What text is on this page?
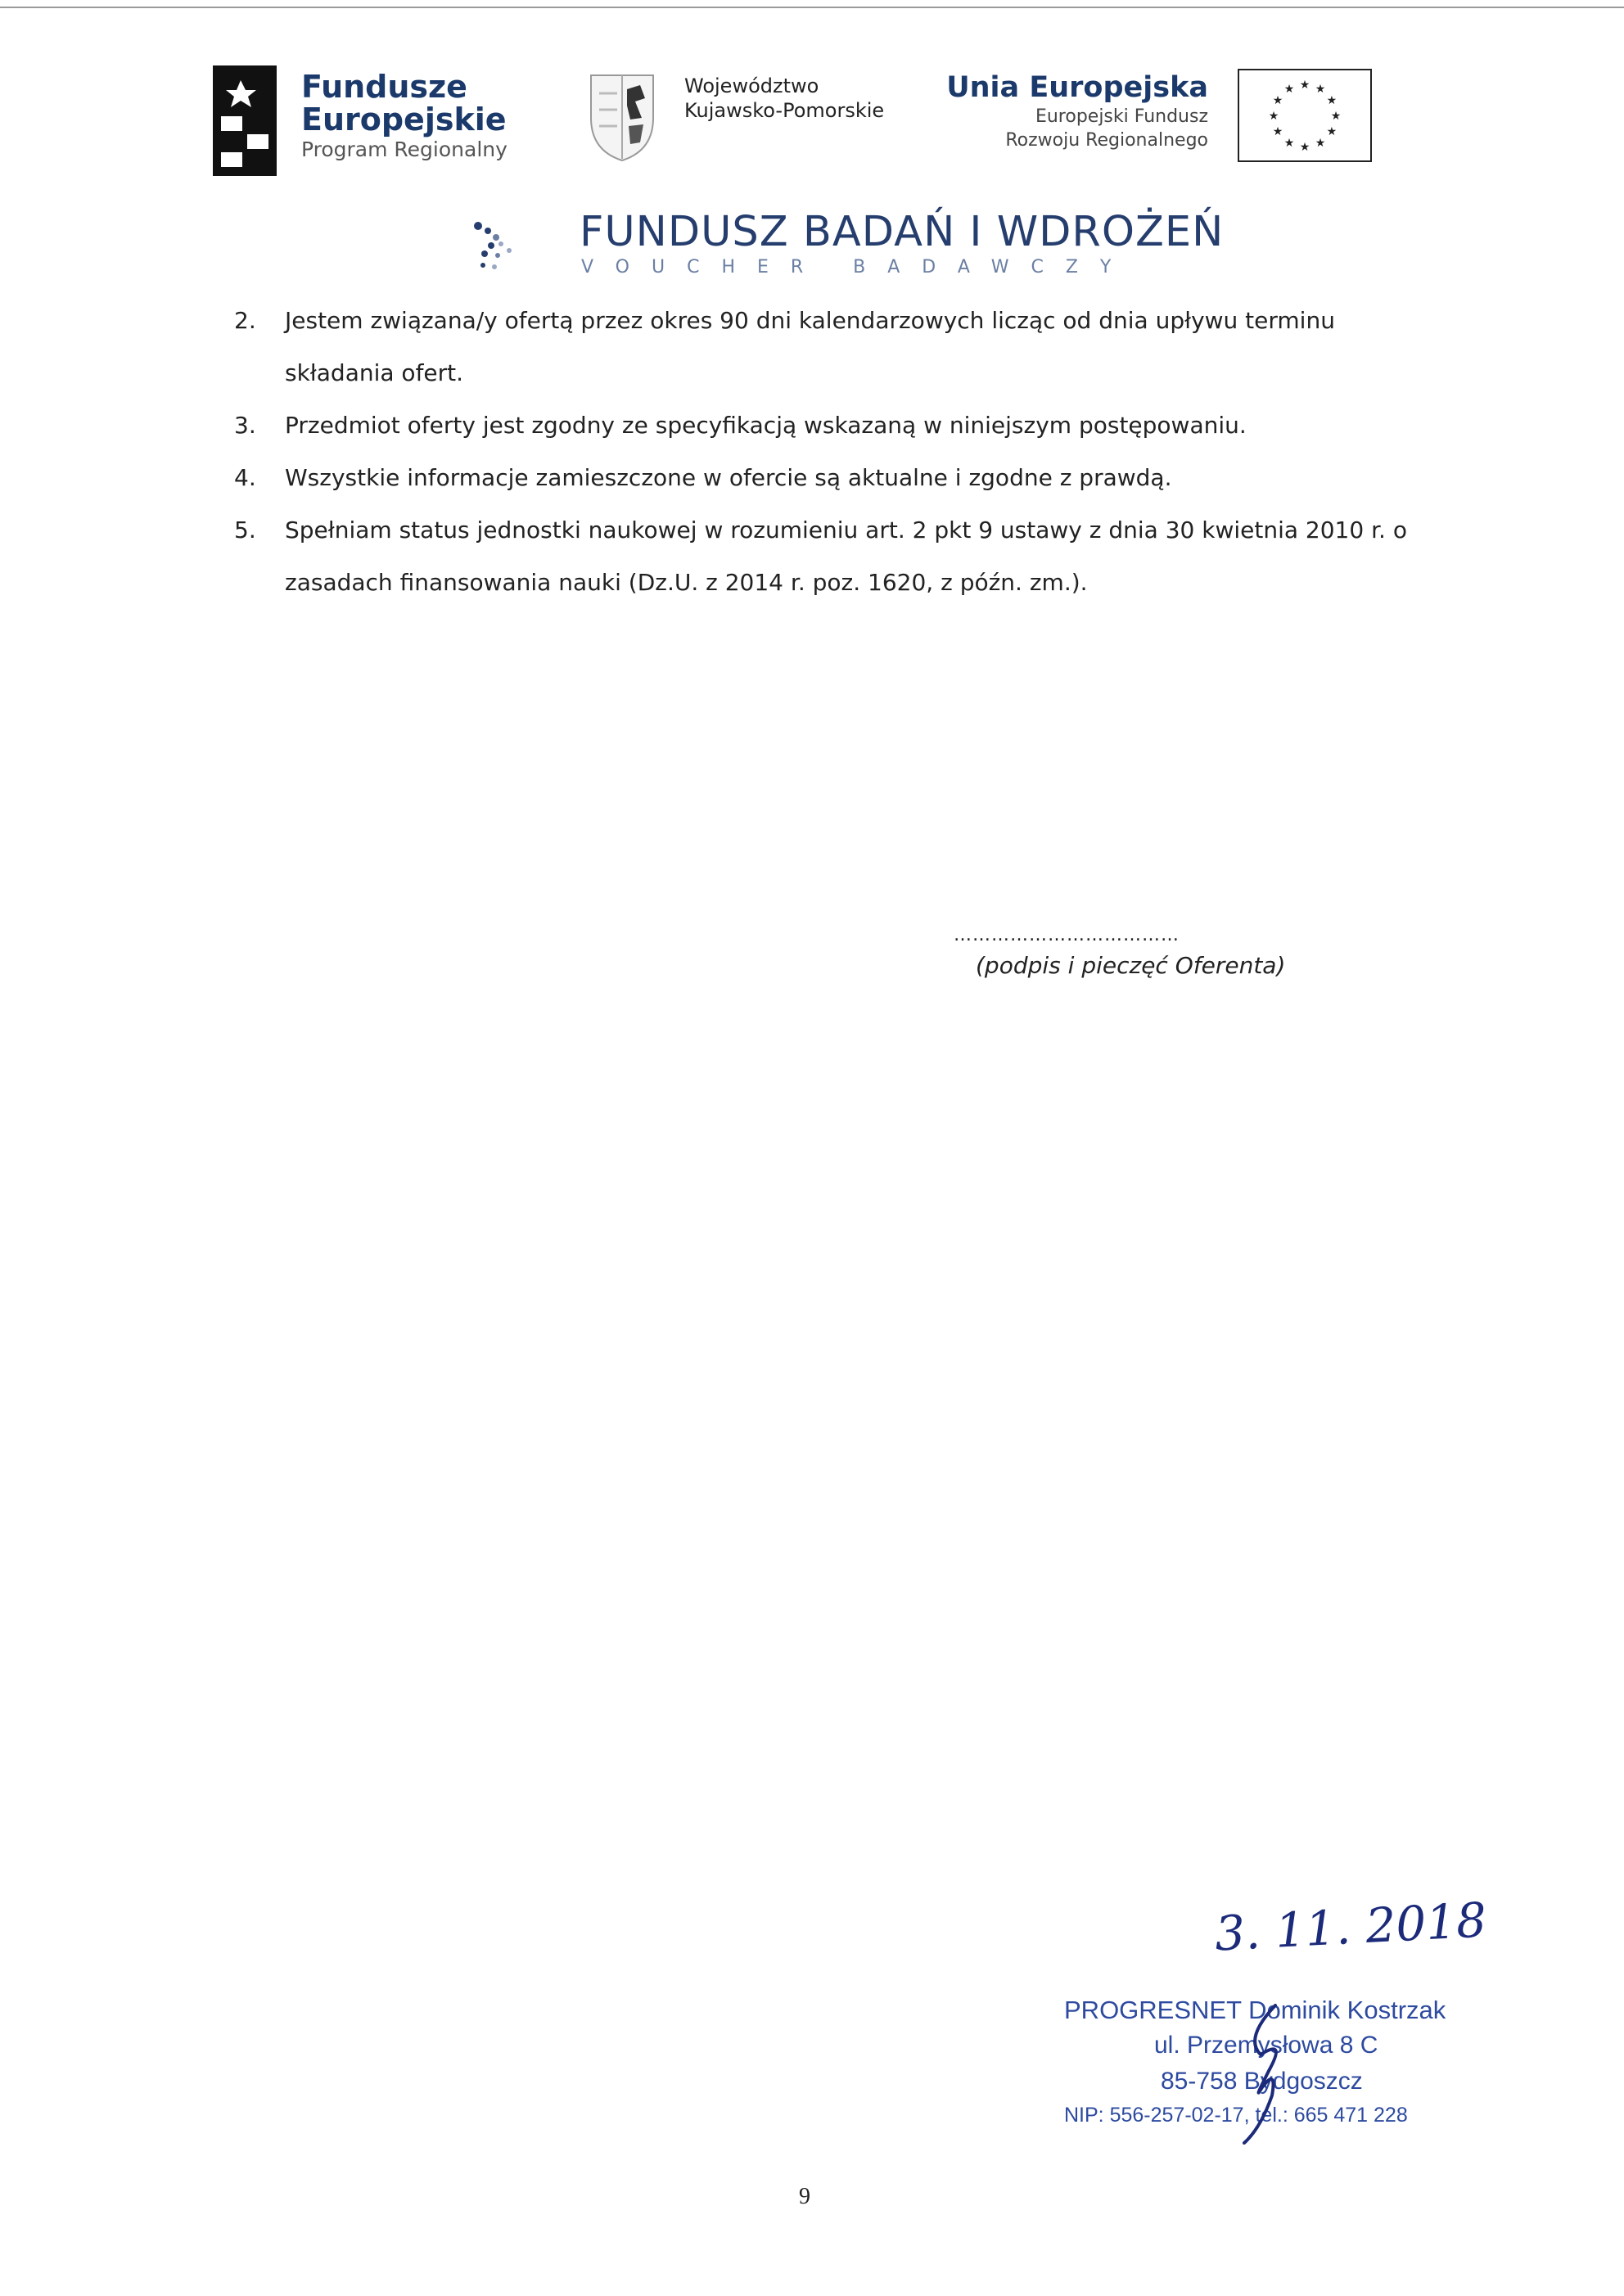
Fundusze
Europejskie
Program Regionalny
Województwo
Kujawsko-Pomorskie
Unia Europejska
Europejski Fundusz
Rozwoju Regionalnego
★ ★
★
★
★
★
★
★
★
★
★
★
FUNDUSZ BADAŃ I WDROŻEŃ
VOUCHER BADAWCZY
2. Jestem związana/y ofertą przez okres 90 dni kalendarzowych licząc od dnia upływu terminu składania ofert.
3. Przedmiot oferty jest zgodny ze specyfikacją wskazaną w niniejszym postępowaniu.
4. Wszystkie informacje zamieszczone w ofercie są aktualne i zgodne z prawdą.
5. Spełniam status jednostki naukowej w rozumieniu art. 2 pkt 9 ustawy z dnia 30 kwietnia 2010 r. o zasadach finansowania nauki (Dz.U. z 2014 r. poz. 1620, z późn. zm.).
………………………………
(podpis i pieczęć Oferenta)
3. 11. 2018
PROGRESNET Dominik Kostrzak
ul. Przemysłowa 8 C
85-758 Bydgoszcz
NIP: 556-257-02-17, tel.: 665 471 228
9
